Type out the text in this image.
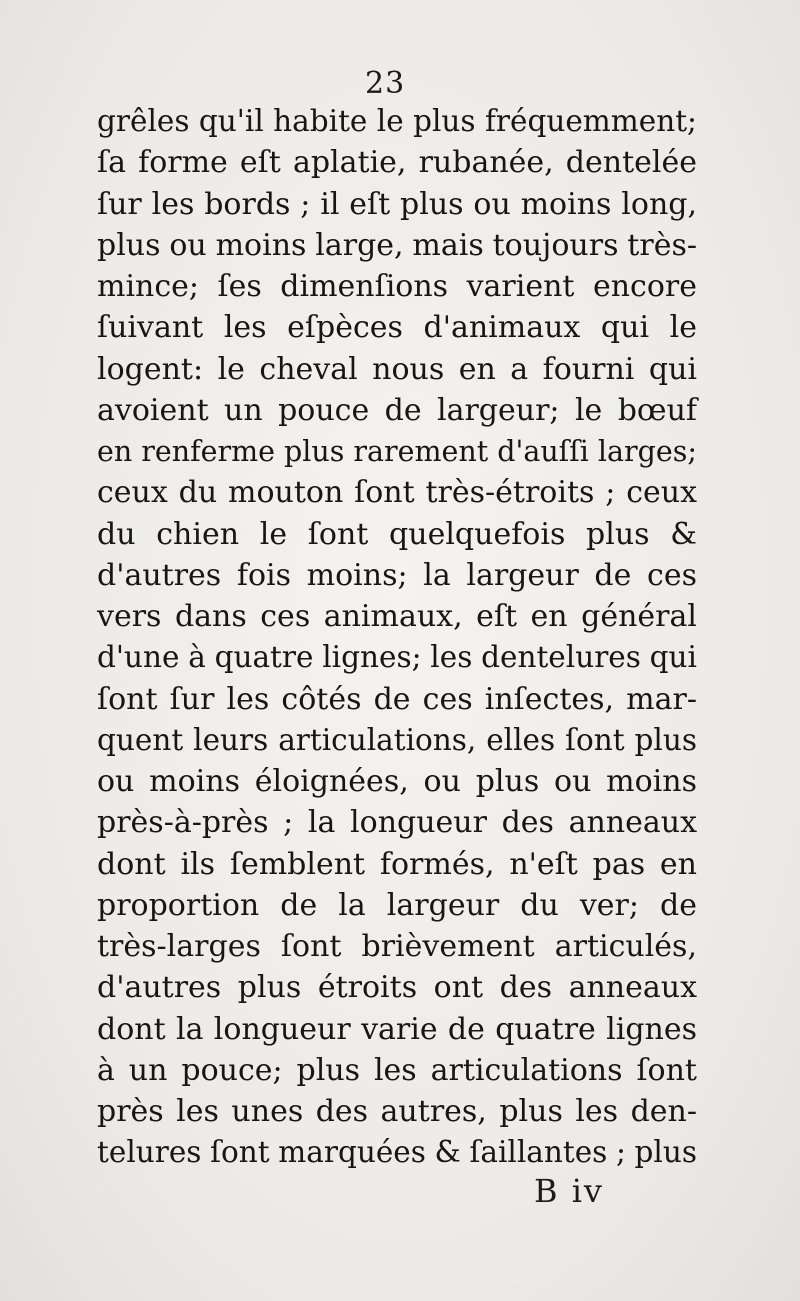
23
grêles qu'il habite le plus fréquemment;
ſa forme eſt aplatie, rubanée, dentelée
ſur les bords ; il eſt plus ou moins long,
plus ou moins large, mais toujours très-
mince; ſes dimenſions varient encore
ſuivant les eſpèces d'animaux qui le
logent: le cheval nous en a fourni qui
avoient un pouce de largeur; le bœuf
en renferme plus rarement d'auſſi larges;
ceux du mouton ſont très-étroits ; ceux
du chien le ſont quelquefois plus &
d'autres fois moins; la largeur de ces
vers dans ces animaux, eſt en général
d'une à quatre lignes; les dentelures qui
ſont ſur les côtés de ces inſectes, mar-
quent leurs articulations, elles ſont plus
ou moins éloignées, ou plus ou moins
près-à-près ; la longueur des anneaux
dont ils ſemblent formés, n'eſt pas en
proportion de la largeur du ver; de
très-larges ſont brièvement articulés,
d'autres plus étroits ont des anneaux
dont la longueur varie de quatre lignes
à un pouce; plus les articulations ſont
près les unes des autres, plus les den-
telures ſont marquées & ſaillantes ; plus
B iv
